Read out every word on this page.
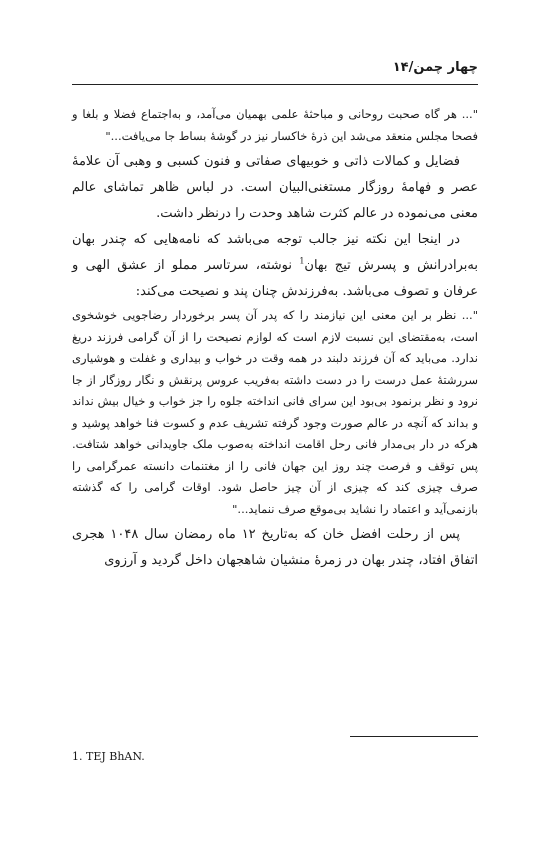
چهار چمن/۱۴

"... هر گاه صحبت روحانی و مباحثهٔ علمی بهمیان می‌آمد، و به‌اجتماع فضلا و بلغا و فصحا مجلس منعقد می‌شد این ذرهٔ خاکسار نیز در گوشهٔ بساط جا می‌یافت..."

فضایل و کمالات ذاتی و خوبیهای صفاتی و فنون کسبی و وهبی آن علامهٔ عصر و فهامهٔ روزگار مستغنی‌البیان است. در لباس ظاهر تماشای عالم معنی می‌نموده در عالم کثرت شاهد وحدت را درنظر داشت.

در اینجا این نکته نیز جالب توجه می‌باشد که نامه‌هایی که چندر بهان به‌برادرانش و پسرش تیج بهان$^1$ نوشته، سرتاسر مملو از عشق الهی و عرفان و تصوف می‌باشد. به‌فرزندش چنان پند و نصیحت می‌کند:

"... نظر بر این معنی این نیازمند را که پدر آن پسر برخوردار رضاجویی خوشخوی است، به‌مقتضای این نسبت لازم است که لوازم نصیحت را از آن گرامی فرزند دریغ ندارد. می‌باید که آن فرزند دلبند در همه وقت در خواب و بیداری و غفلت و هوشیاری سررشتهٔ عمل درست را در دست داشته به‌فریب عروس پرنقش و نگار روزگار از جا نرود و نظر برنمود بی‌بود این سرای فانی انداخته جلوه را جز خواب و خیال بیش نداند و بداند که آنچه در عالم صورت وجود گرفته تشریف عدم و کسوت فنا خواهد پوشید و هرکه در دار بی‌مدار فانی رحل اقامت انداخته به‌صوب ملک جاویدانی خواهد شتافت. پس توقف و فرصت چند روز این جهان فانی را از مغتنمات دانسته عمرگرامی را صرف چیزی کند که چیزی از آن چیز حاصل شود. اوقات گرامی را که گذشته بازنمی‌آید و اعتماد را نشاید بی‌موقع صرف ننماید..."

پس از رحلت افضل خان که به‌تاریخ ۱۲ ماه رمضان سال ۱۰۴۸ هجری اتفاق افتاد، چندر بهان در زمرهٔ منشیان شاهجهان داخل گردید و آرزوی

1. TEJ BhAN.
